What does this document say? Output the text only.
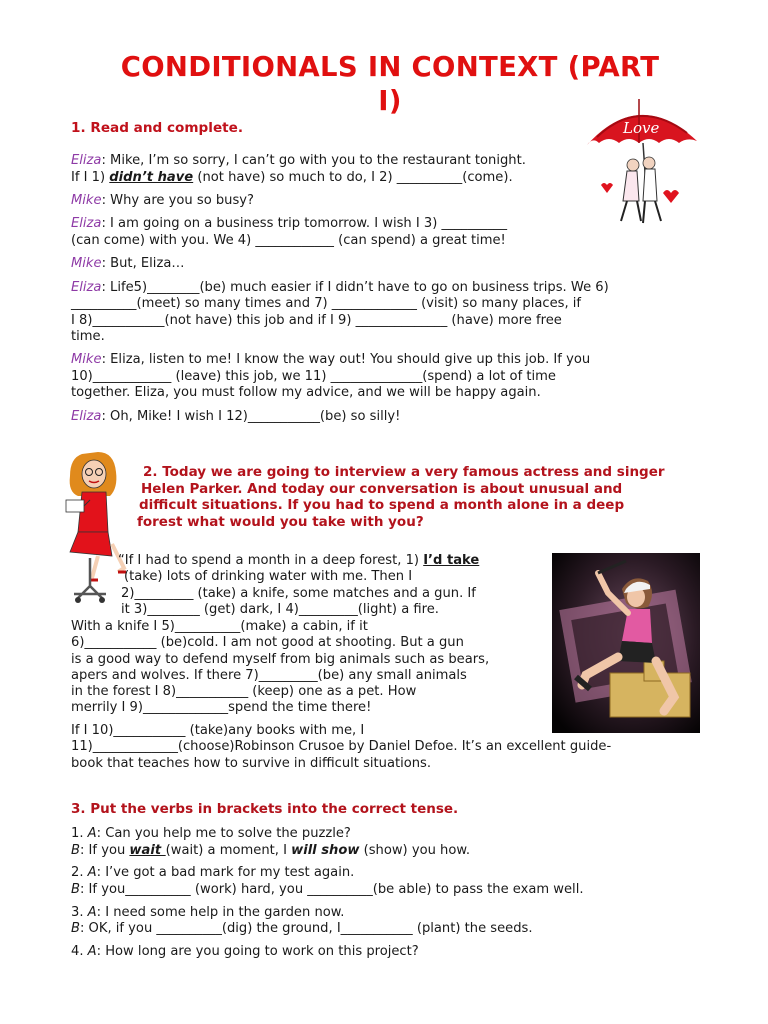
CONDITIONALS IN CONTEXT (PART
I)
Love
1. Read and complete.
Eliza: Mike, I’m so sorry, I can’t go with you to the restaurant tonight.
If I 1) didn’t have (not have) so much to do, I 2) __________(come).
Mike: Why are you so busy?
Eliza: I am going on a business trip tomorrow. I wish I 3) __________
(can come) with you. We 4) ____________ (can spend) a great time!
Mike: But, Eliza…
Eliza: Life5)________(be) much easier if I didn’t have to go on business trips. We 6)
__________(meet) so many times and 7) _____________ (visit) so many places, if
I 8)___________(not have) this job and if I 9) ______________ (have) more free
time.
Mike: Eliza, listen to me! I know the way out! You should give up this job. If you
10)____________ (leave) this job, we 11) ______________(spend) a lot of time
together. Eliza, you must follow my advice, and we will be happy again.
Eliza: Oh, Mike! I wish I 12)___________(be) so silly!
2. Today we are going to interview a very famous actress and singer
Helen Parker. And today our conversation is about unusual and
difficult situations. If you had to spend a month alone in a deep
forest what would you take with you?
“If I had to spend a month in a deep forest, 1) I’d take
(take) lots of drinking water with me. Then I
2)_________ (take) a knife, some matches and a gun. If
it 3)________ (get) dark, I 4)_________(light) a fire.
With a knife I 5)__________(make) a cabin, if it
6)___________ (be)cold. I am not good at shooting. But a gun
is a good way to defend myself from big animals such as bears,
apers and wolves. If there 7)_________(be) any small animals
in the forest I 8)___________ (keep) one as a pet. How
merrily I 9)_____________spend the time there!
If I 10)___________ (take)any books with me, I
11)_____________(choose)Robinson Crusoe by Daniel Defoe. It’s an excellent guide-
book that teaches how to survive in difficult situations.
3. Put the verbs in brackets into the correct tense.
1. A: Can you help me to solve the puzzle?
B: If you wait (wait) a moment, I will show (show) you how.
2. A: I’ve got a bad mark for my test again.
B: If you__________ (work) hard, you __________(be able) to pass the exam well.
3. A: I need some help in the garden now.
B: OK, if you __________(dig) the ground, I___________ (plant) the seeds.
4. A: How long are you going to work on this project?
